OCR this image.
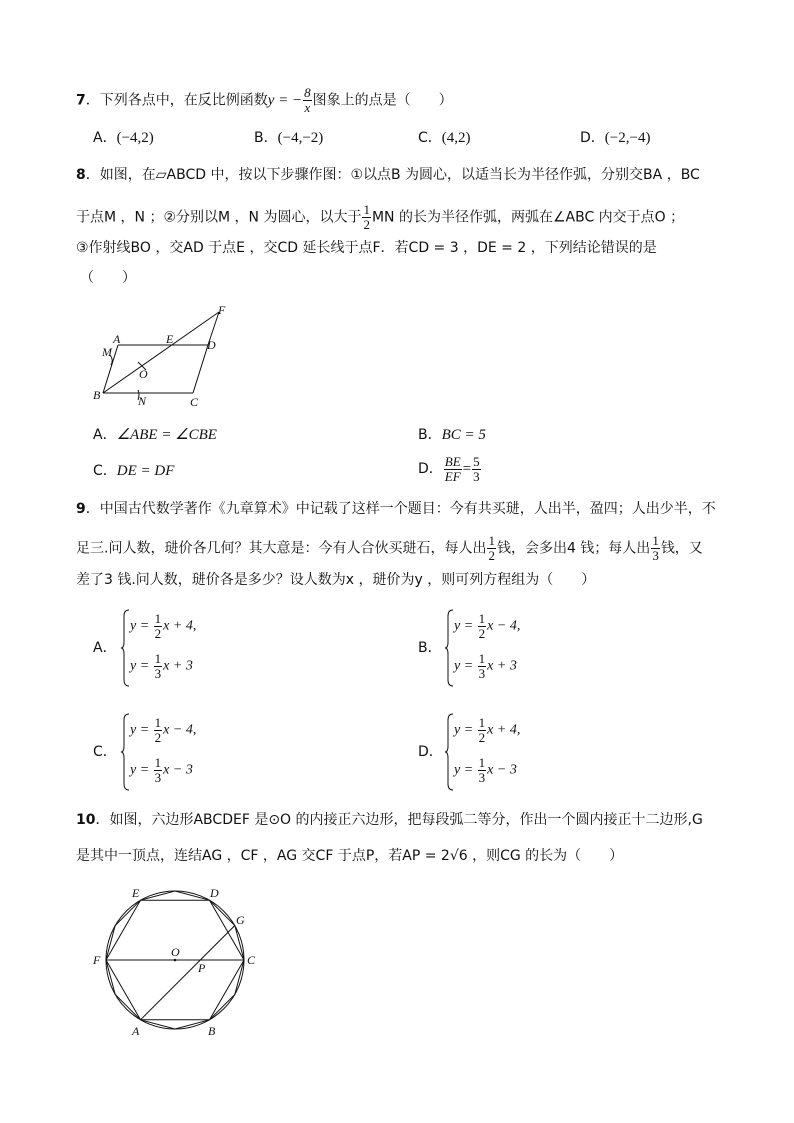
7．下列各点中，在反比例函数y = − $\frac{8}{x}$ 图象上的点是（　　）
A．(−4,2)	B．(−4,−2)	C．(4,2)	D．(−2,−4)
8．如图，在▱ABCD 中，按以下步骤作图：①以点B 为圆心，以适当长为半径作弧，分别交BA ，BC
于点M ，N ；②分别以M ，N 为圆心，以大于 $\frac{1}{2}$ MN 的长为半径作弧，两弧在∠ABC 内交于点O ；
③作射线BO ，交AD 于点E ，交CD 延长线于点F．若CD = 3 ，DE = 2 ，下列结论错误的是
（　　）
A
B	C
D
E
F
M
N
O
A．∠ABE = ∠CBE	B．BC = 5
C．DE = DF	D． $\frac{BE}{EF} = \frac{5}{3}$
9．中国古代数学著作《九章算术》中记载了这样一个题目：今有共买琎，人出半，盈四；人出少半，不
足三.问人数，琎价各几何？其大意是：今有人合伙买琎石，每人出 $\frac{1}{2}$ 钱，会多出4 钱；每人出 $\frac{1}{3}$ 钱，又
差了3 钱.问人数，琎价各是多少？设人数为x ，琎价为y ，则可列方程组为（　　）
A．
$y = \frac{1}{2}$ x + 4,
$y = \frac{1}{3}$ x + 3
B．
$y = \frac{1}{2}$ x − 4,
$y = \frac{1}{3}$ x + 3
C．
$y = \frac{1}{2}$ x − 4,
$y = \frac{1}{3}$ x − 3
D．
$y = \frac{1}{2}$ x + 4,
$y = \frac{1}{3}$ x − 3
10．如图，六边形ABCDEF 是⊙O 的内接正六边形，把每段弧二等分，作出一个圆内接正十二边形,G
是其中一顶点，连结AG ，CF ，AG 交CF 于点P，若AP = 2√6 ，则CG 的长为（　　）
A	B
C
D
E
F
G
O
P
